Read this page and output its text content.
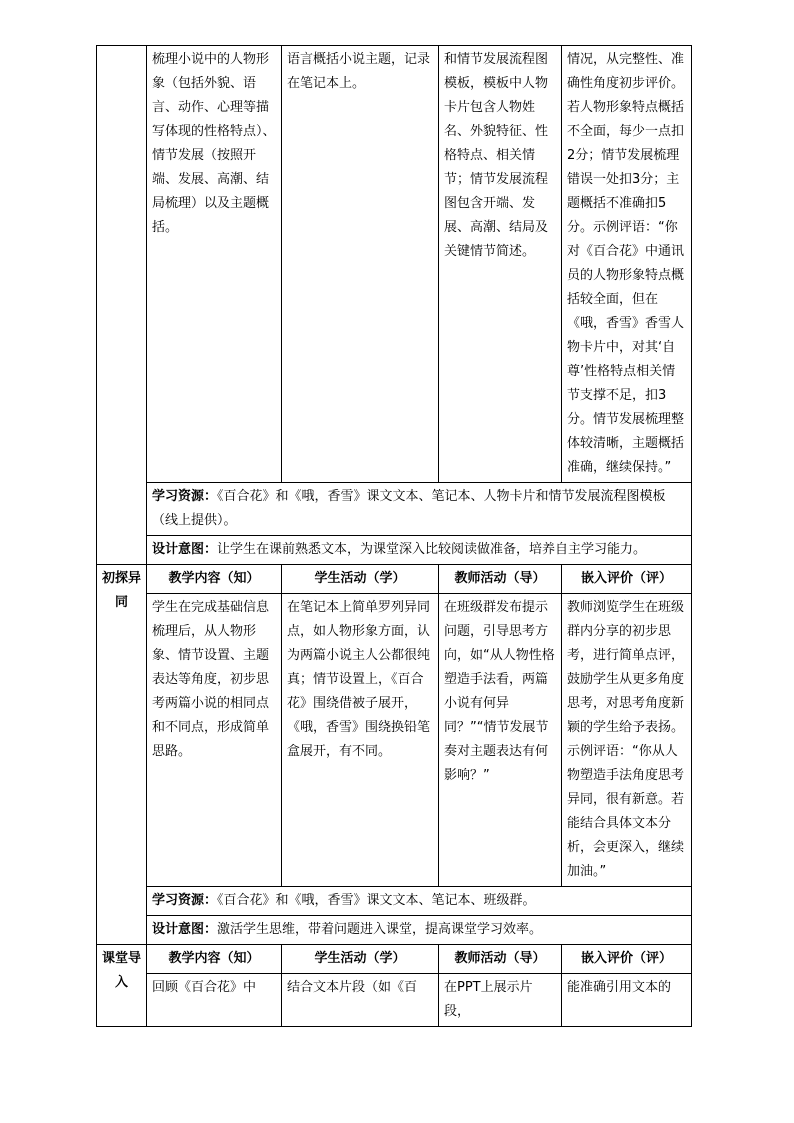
	梳理小说中的人物形象（包括外貌、语言、动作、心理等描写体现的性格特点）、情节发展（按照开端、发展、高潮、结局梳理）以及主题概括。	语言概括小说主题，记录在笔记本上。	和情节发展流程图模板，模板中人物卡片包含人物姓名、外貌特征、性格特点、相关情节；情节发展流程图包含开端、发展、高潮、结局及关键情节简述。	情况，从完整性、准确性角度初步评价。若人物形象特点概括不全面，每少一点扣2分；情节发展梳理错误一处扣3分；主题概括不准确扣5分。示例评语：“你对《百合花》中通讯员的人物形象特点概括较全面，但在《哦，香雪》香雪人物卡片中，对其‘自尊’性格特点相关情节支撑不足，扣3分。情节发展梳理整体较清晰，主题概括准确，继续保持。”
	学习资源：《百合花》和《哦，香雪》课文文本、笔记本、人物卡片和情节发展流程图模板（线上提供）。			
	设计意图：让学生在课前熟悉文本，为课堂深入比较阅读做准备，培养自主学习能力。			
初探异同	教学内容（知）	学生活动（学）	教师活动（导）	嵌入评价（评）
	学生在完成基础信息梳理后，从人物形象、情节设置、主题表达等角度，初步思考两篇小说的相同点和不同点，形成简单思路。	在笔记本上简单罗列异同点，如人物形象方面，认为两篇小说主人公都很纯真；情节设置上，《百合花》围绕借被子展开，《哦，香雪》围绕换铅笔盒展开，有不同。	在班级群发布提示问题，引导思考方向，如“从人物性格塑造手法看，两篇小说有何异同？”“情节发展节奏对主题表达有何影响？”	教师浏览学生在班级群内分享的初步思考，进行简单点评，鼓励学生从更多角度思考，对思考角度新颖的学生给予表扬。示例评语：“你从人物塑造手法角度思考异同，很有新意。若能结合具体文本分析，会更深入，继续加油。”
	学习资源：《百合花》和《哦，香雪》课文文本、笔记本、班级群。			
	设计意图：激活学生思维，带着问题进入课堂，提高课堂学习效率。			
课堂导入	教学内容（知）	学生活动（学）	教师活动（导）	嵌入评价（评）
	回顾《百合花》中	结合文本片段（如《百	在PPT上展示片段，	能准确引用文本的
